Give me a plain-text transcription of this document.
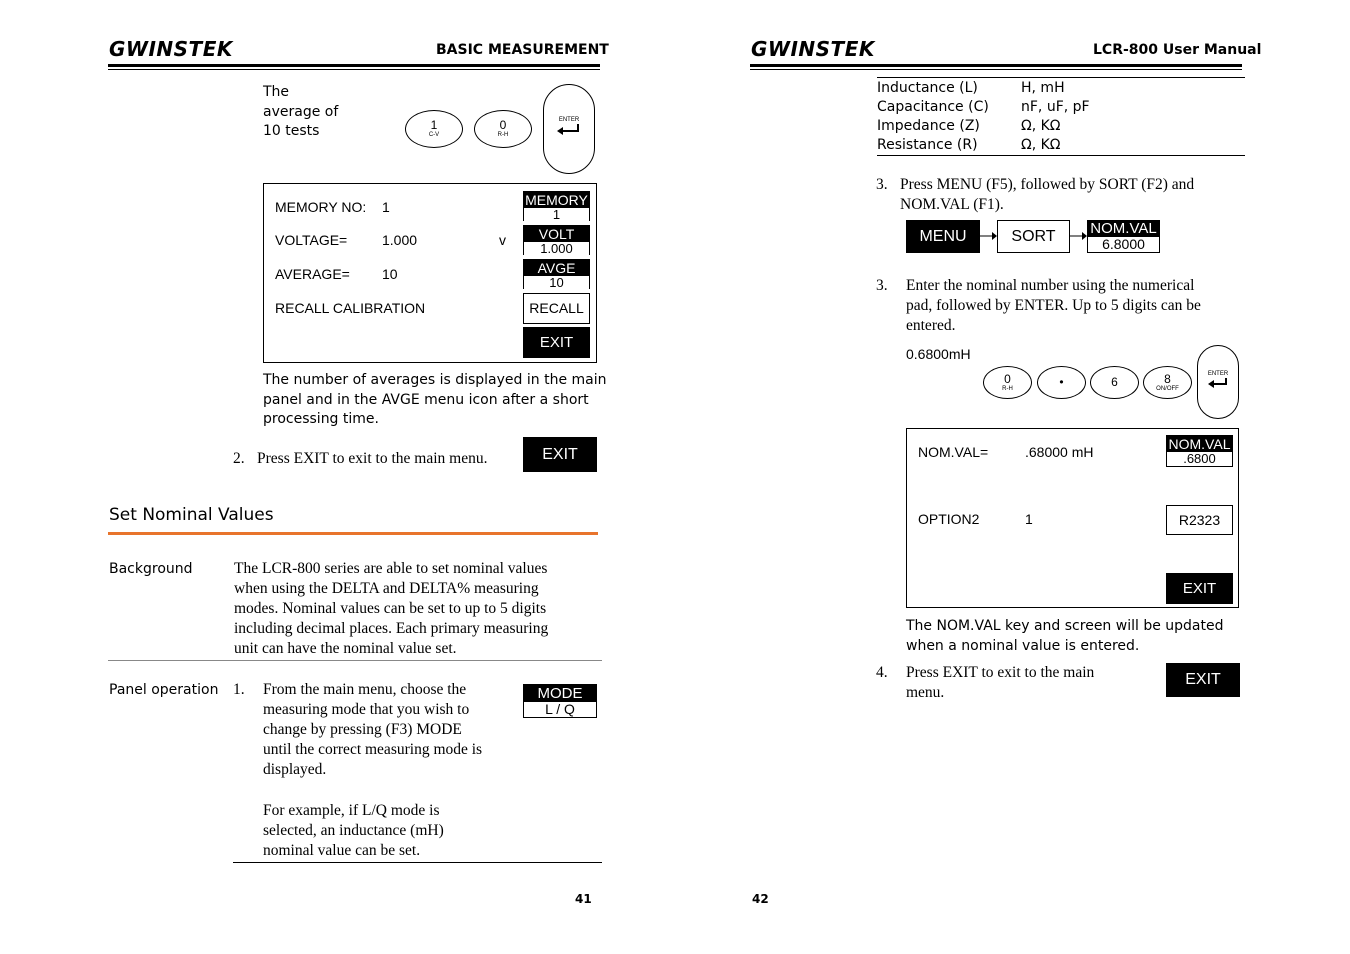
GWINSTEK	BASIC MEASUREMENT
The
average of
10 tests	1
C-V
0
R-H
ENTER
MEMORY NO: 1
VOLTAGE= 1.000	v
AVERAGE= 10
RECALL CALIBRATION
MEMORY
1
VOLT
1.000
AVGE
10
RECALL
EXIT
The number of averages is displayed in the main
panel and in the AVGE menu icon after a short
processing time.
2. Press EXIT to exit to the main menu.	EXIT
Set Nominal Values
Background	The LCR-800 series are able to set nominal values
when using the DELTA and DELTA% measuring
modes. Nominal values can be set to up to 5 digits
including decimal places. Each primary measuring
unit can have the nominal value set.
Panel operation 1. From the main menu, choose the
measuring mode that you wish to
change by pressing (F3) MODE
until the correct measuring mode is
displayed.
MODE
L / Q
For example, if L/Q mode is
selected, an inductance (mH)
nominal value can be set.
41
GWINSTEK	LCR-800 User Manual
Inductance (L)	H, mH
Capacitance (C) nF, uF, pF
Impedance (Z)	Ω, KΩ
Resistance (R)	Ω, KΩ
3. Press MENU (F5), followed by SORT (F2) and
NOM.VAL (F1).
MENU	SORT	NOM.VAL
6.8000
3. Enter the nominal number using the numerical
pad, followed by ENTER. Up to 5 digits can be
entered.
0.6800mH
0
R-H	•	6	8
ON/OFF
ENTER
NOM.VAL=	.68000 mH
OPTION2	1
NOM.VAL
.6800
R2323
EXIT
The NOM.VAL key and screen will be updated
when a nominal value is entered.
4. Press EXIT to exit to the main
menu.
EXIT
42
